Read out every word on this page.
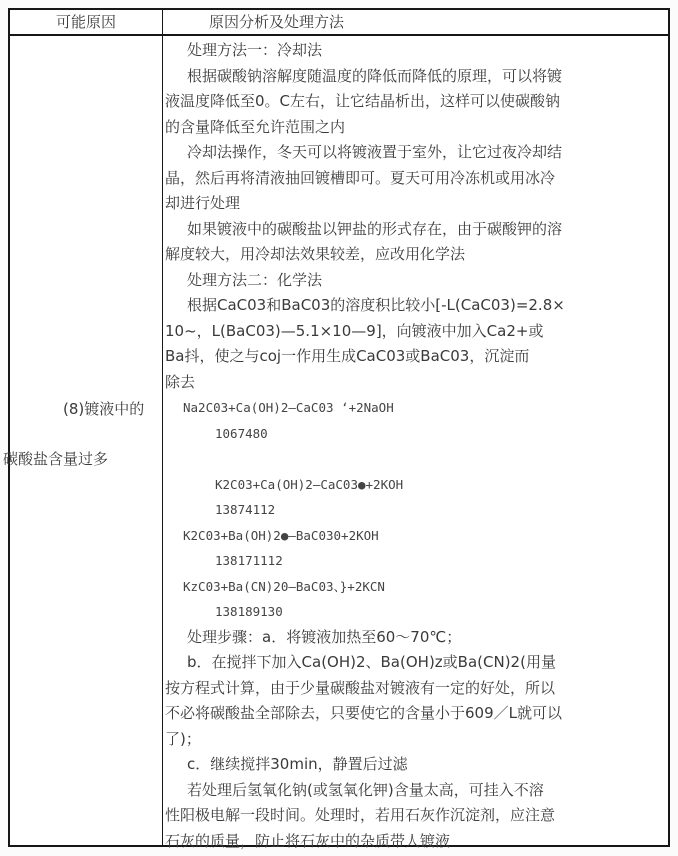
可能原因	原因分析及处理方法
(8)镀液中的
碳酸盐含量过多
处理方法一：冷却法
根据碳酸钠溶解度随温度的降低而降低的原理，可以将镀
液温度降低至0。C左右，让它结晶析出，这样可以使碳酸钠
的含量降低至允许范围之内
冷却法操作，冬天可以将镀液置于室外，让它过夜冷却结
晶，然后再将清液抽回镀槽即可。夏天可用冷冻机或用冰冷
却进行处理
如果镀液中的碳酸盐以钾盐的形式存在，由于碳酸钾的溶
解度较大，用冷却法效果较差，应改用化学法
处理方法二：化学法
根据CaC03和BaC03的溶度积比较小[-L(CaC03)=2.8×
10~，L(BaC03)—5.1×10—9]，向镀液中加入Ca2+或
Ba抖，使之与coj一作用生成CaC03或BaC03，沉淀而
除去
Na2C03+Ca(OH)2—CaC03 ‘+2NaOH
1067480
K2C03+Ca(OH)2—CaC03●+2KOH
13874112
K2C03+Ba(OH)2●—BaC030+2KOH
138171112
KzC03+Ba(CN)20—BaC03、}+2KCN
138189130
处理步骤：a．将镀液加热至60～70℃；
b．在搅拌下加入Ca(OH)2、Ba(OH)z或Ba(CN)2(用量
按方程式计算，由于少量碳酸盐对镀液有一定的好处，所以
不必将碳酸盐全部除去，只要使它的含量小于609／L就可以
了)；
c．继续搅拌30min，静置后过滤
若处理后氢氧化钠(或氢氧化钾)含量太高，可挂入不溶
性阳极电解一段时间。处理时，若用石灰作沉淀剂，应注意
石灰的质量，防止将石灰中的杂质带人镀液
